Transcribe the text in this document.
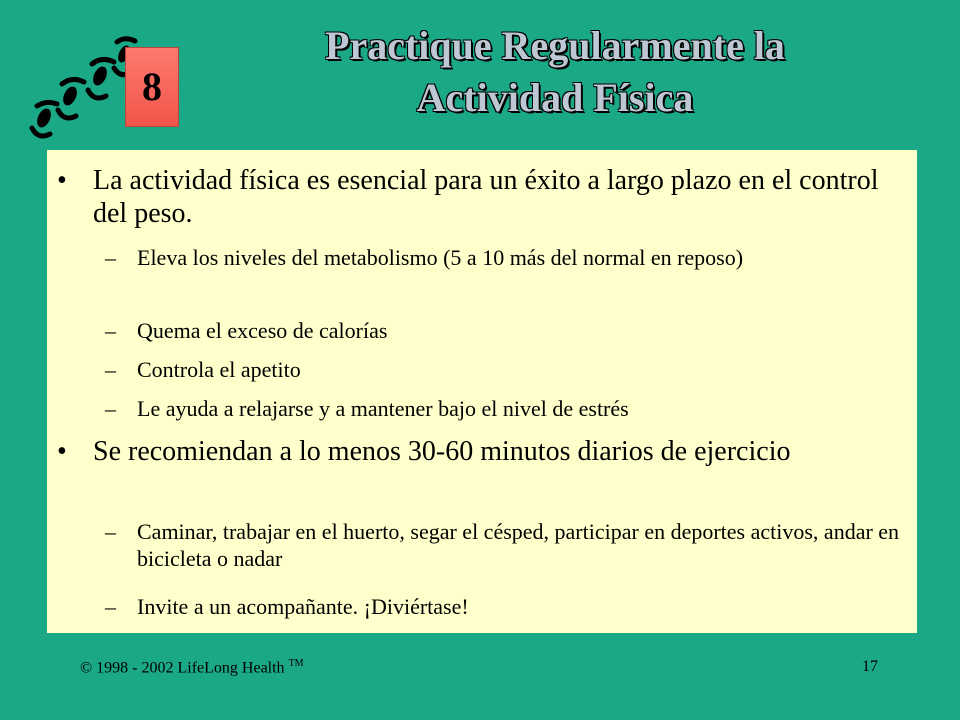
8
Practique Regularmente la
Actividad Física
• La actividad física es esencial para un éxito a largo plazo en el control del peso.
– Eleva los niveles del metabolismo (5 a 10 más del normal en reposo)
– Quema el exceso de calorías
– Controla el apetito
– Le ayuda a relajarse y a mantener bajo el nivel de estrés
• Se recomiendan a lo menos 30-60 minutos diarios de ejercicio
– Caminar, trabajar en el huerto, segar el césped, participar en deportes activos, andar en bicicleta o nadar
– Invite a un acompañante. ¡Diviértase!
© 1998 - 2002 LifeLong Health ™	17
